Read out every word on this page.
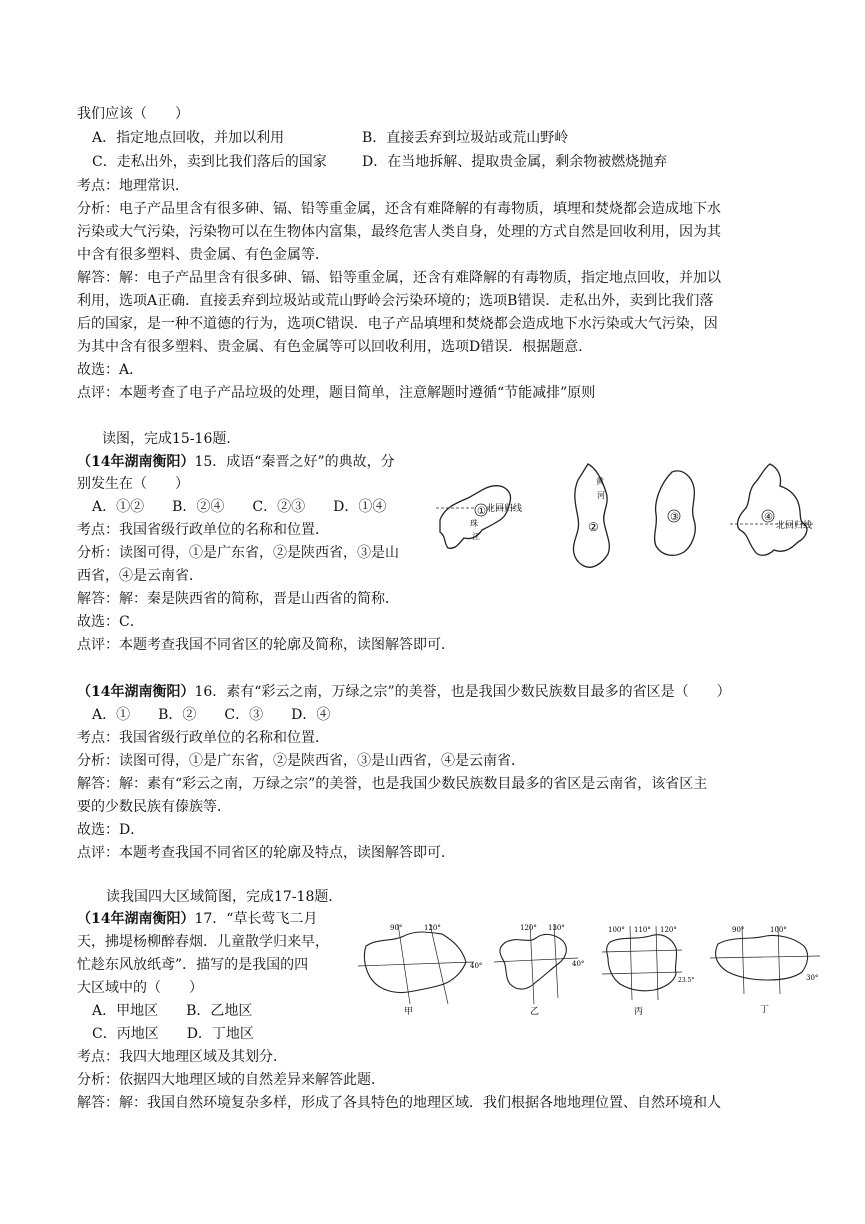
我们应该（　　）
A．指定地点回收，并加以利用	B．直接丢弃到垃圾站或荒山野岭
C．走私出外，卖到比我们落后的国家	D．在当地拆解、提取贵金属，剩余物被燃烧抛弃
考点：地理常识．
分析：电子产品里含有很多砷、镉、铅等重金属，还含有难降解的有毒物质，填埋和焚烧都会造成地下水
污染或大气污染，污染物可以在生物体内富集，最终危害人类自身，处理的方式自然是回收利用，因为其
中含有很多塑料、贵金属、有色金属等．
解答：解：电子产品里含有很多砷、镉、铅等重金属，还含有难降解的有毒物质，指定地点回收，并加以
利用，选项A正确．直接丢弃到垃圾站或荒山野岭会污染环境的；选项B错误．走私出外，卖到比我们落
后的国家，是一种不道德的行为，选项C错误．电子产品填埋和焚烧都会造成地下水污染或大气污染，因
为其中含有很多塑料、贵金属、有色金属等可以回收利用，选项D错误．根据题意．
故选：A．
点评：本题考查了电子产品垃圾的处理，题目简单，注意解题时遵循“节能减排”原则
读图，完成15-16题．
（14年湖南衡阳）15．成语“秦晋之好”的典故，分
别发生在（　　）
A．①②　　B．②④　　C．②③　　D．①④
考点：我国省级行政单位的名称和位置．
分析：读图可得，①是广东省，②是陕西省，③是山
西省，④是云南省．
解答：解：秦是陕西省的简称，晋是山西省的简称．
故选：C．
点评：本题考查我国不同省区的轮廓及简称，读图解答即可．
① 北回归线
珠
江
②
黄
河
③	④
北回归线
（14年湖南衡阳）16．素有“彩云之南，万绿之宗”的美誉，也是我国少数民族数目最多的省区是（　　）
A．①　　B．②　　C．③　　D．④
考点：我国省级行政单位的名称和位置．
分析：读图可得，①是广东省，②是陕西省，③是山西省，④是云南省．
解答：解：素有“彩云之南，万绿之宗”的美誉，也是我国少数民族数目最多的省区是云南省，该省区主
要的少数民族有傣族等．
故选：D．
点评：本题考查我国不同省区的轮廓及特点，读图解答即可．
读我国四大区域简图，完成17-18题．
（14年湖南衡阳）17．“草长莺飞二月
天，拂堤杨柳醉春烟．儿童散学归来早，
忙趁东风放纸鸢”．描写的是我国的四
大区域中的（　　）
A．甲地区　　B．乙地区
C．丙地区　　D．丁地区
考点：我四大地理区域及其划分．
分析：依据四大地理区域的自然差异来解答此题．
解答：解：我国自然环境复杂多样，形成了各具特色的地理区域．我们根据各地地理位置、自然环境和人
90°	120°
40°
甲
120° 130°
40°
乙
100° 110° 120°
23.5°
丙
90°	100°
30°
丁
